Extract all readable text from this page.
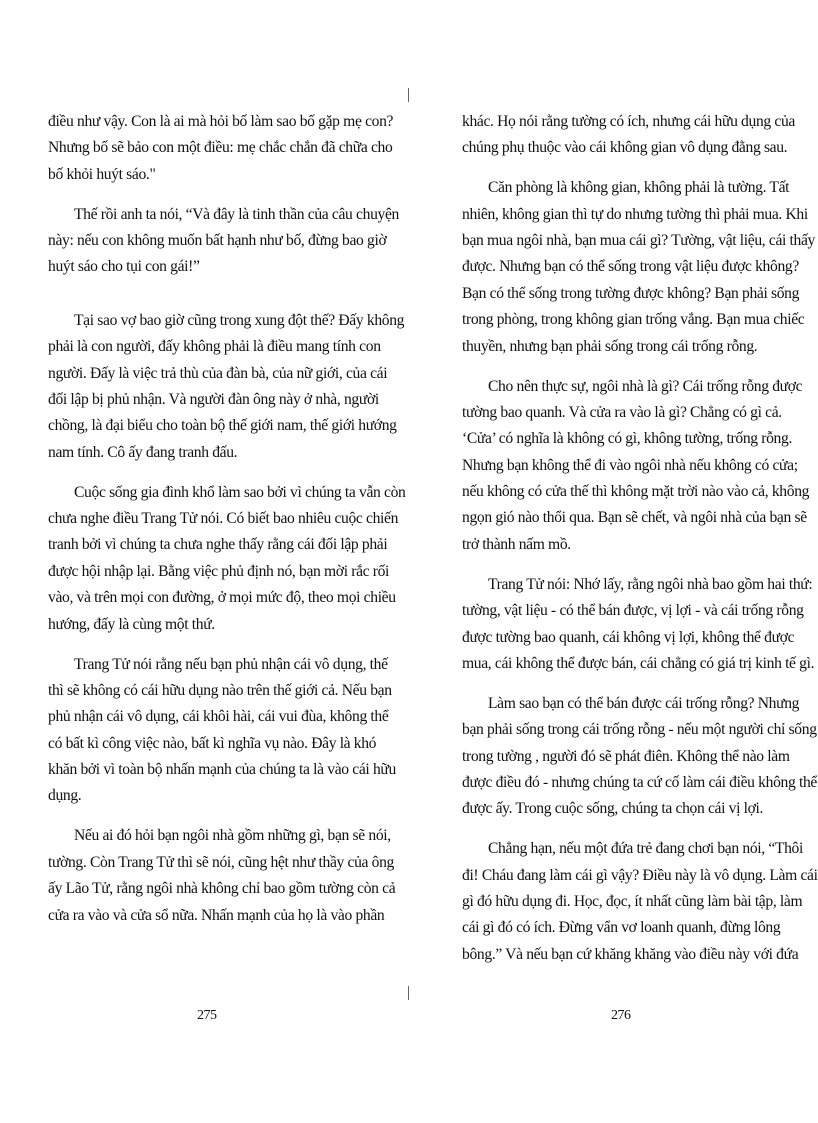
điều như vậy. Con là ai mà hỏi bố làm sao bố gặp mẹ con?
Nhưng bố sẽ bảo con một điều: mẹ chắc chắn đã chữa cho
bố khỏi huýt sáo."
Thế rồi anh ta nói, “Và đây là tinh thần của câu chuyện
này: nếu con không muốn bất hạnh như bố, đừng bao giờ
huýt sáo cho tụi con gái!”
Tại sao vợ bao giờ cũng trong xung đột thế? Đấy không
phải là con người, đấy không phải là điều mang tính con
người. Đấy là việc trả thù của đàn bà, của nữ giới, của cái
đối lập bị phủ nhận. Và người đàn ông này ở nhà, người
chồng, là đại biểu cho toàn bộ thế giới nam, thế giới hướng
nam tính. Cô ấy đang tranh đấu.
Cuộc sống gia đình khổ làm sao bởi vì chúng ta vẫn còn
chưa nghe điều Trang Tử nói. Có biết bao nhiêu cuộc chiến
tranh bởi vì chúng ta chưa nghe thấy rằng cái đối lập phải
được hội nhập lại. Bằng việc phủ định nó, bạn mời rắc rối
vào, và trên mọi con đường, ở mọi mức độ, theo mọi chiều
hướng, đấy là cùng một thứ.
Trang Tử nói rằng nếu bạn phủ nhận cái vô dụng, thế
thì sẽ không có cái hữu dụng nào trên thế giới cả. Nếu bạn
phủ nhận cái vô dụng, cái khôi hài, cái vui đùa, không thể
có bất kì công việc nào, bất kì nghĩa vụ nào. Đây là khó
khăn bởi vì toàn bộ nhấn mạnh của chúng ta là vào cái hữu
dụng.
Nếu ai đó hỏi bạn ngôi nhà gồm những gì, bạn sẽ nói,
tường. Còn Trang Tử thì sẽ nói, cũng hệt như thầy của ông
ấy Lão Tử, rằng ngôi nhà không chỉ bao gồm tường còn cả
cửa ra vào và cửa sổ nữa. Nhấn mạnh của họ là vào phần
khác. Họ nói rằng tường có ích, nhưng cái hữu dụng của
chúng phụ thuộc vào cái không gian vô dụng đằng sau.
Căn phòng là không gian, không phải là tường. Tất
nhiên, không gian thì tự do nhưng tường thì phải mua. Khi
bạn mua ngôi nhà, bạn mua cái gì? Tường, vật liệu, cái thấy
được. Nhưng bạn có thể sống trong vật liệu được không?
Bạn có thể sống trong tường được không? Bạn phải sống
trong phòng, trong không gian trống vắng. Bạn mua chiếc
thuyền, nhưng bạn phải sống trong cái trống rỗng.
Cho nên thực sự, ngôi nhà là gì? Cái trống rỗng được
tường bao quanh. Và cửa ra vào là gì? Chẳng có gì cả.
‘Cửa’ có nghĩa là không có gì, không tường, trống rỗng.
Nhưng bạn không thể đi vào ngôi nhà nếu không có cửa;
nếu không có cửa thế thì không mặt trời nào vào cả, không
ngọn gió nào thổi qua. Bạn sẽ chết, và ngôi nhà của bạn sẽ
trở thành nấm mồ.
Trang Tử nói: Nhớ lấy, rằng ngôi nhà bao gồm hai thứ:
tường, vật liệu - có thể bán được, vị lợi - và cái trống rỗng
được tường bao quanh, cái không vị lợi, không thể được
mua, cái không thể được bán, cái chẳng có giá trị kinh tế gì.
Làm sao bạn có thể bán được cái trống rỗng? Nhưng
bạn phải sống trong cái trống rỗng - nếu một người chỉ sống
trong tường , người đó sẽ phát điên. Không thể nào làm
được điều đó - nhưng chúng ta cứ cố làm cái điều không thể
được ấy. Trong cuộc sống, chúng ta chọn cái vị lợi.
Chẳng hạn, nếu một đứa trẻ đang chơi bạn nói, “Thôi
đi! Cháu đang làm cái gì vậy? Điều này là vô dụng. Làm cái
gì đó hữu dụng đi. Học, đọc, ít nhất cũng làm bài tập, làm
cái gì đó có ích. Đừng vẩn vơ loanh quanh, đừng lông
bông.” Và nếu bạn cứ khăng khăng vào điều này với đứa
275	276
